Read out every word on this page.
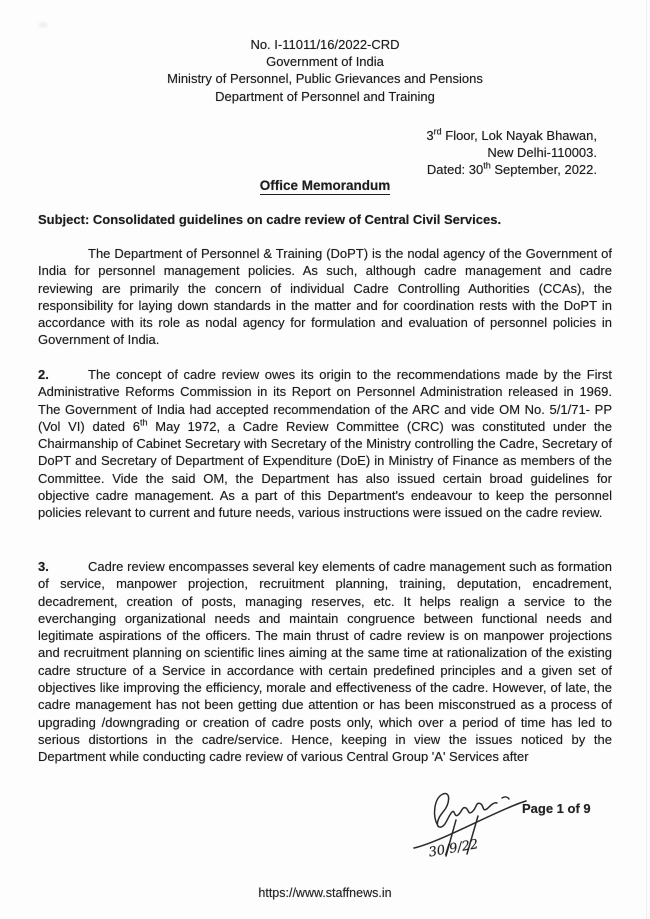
No. I-11011/16/2022-CRD
Government of India
Ministry of Personnel, Public Grievances and Pensions
Department of Personnel and Training
3rd Floor, Lok Nayak Bhawan,
New Delhi-110003.
Dated: 30th September, 2022.
Office Memorandum
Subject: Consolidated guidelines on cadre review of Central Civil Services.

The Department of Personnel & Training (DoPT) is the nodal agency of the Government of India for personnel management policies. As such, although cadre management and cadre reviewing are primarily the concern of individual Cadre Controlling Authorities (CCAs), the responsibility for laying down standards in the matter and for coordination rests with the DoPT in accordance with its role as nodal agency for formulation and evaluation of personnel policies in Government of India.

2.	The concept of cadre review owes its origin to the recommendations made by the First Administrative Reforms Commission in its Report on Personnel Administration released in 1969. The Government of India had accepted recommendation of the ARC and vide OM No. 5/1/71- PP (Vol VI) dated 6th May 1972, a Cadre Review Committee (CRC) was constituted under the Chairmanship of Cabinet Secretary with Secretary of the Ministry controlling the Cadre, Secretary of DoPT and Secretary of Department of Expenditure (DoE) in Ministry of Finance as members of the Committee. Vide the said OM, the Department has also issued certain broad guidelines for objective cadre management. As a part of this Department's endeavour to keep the personnel policies relevant to current and future needs, various instructions were issued on the cadre review.

3.	Cadre review encompasses several key elements of cadre management such as formation of service, manpower projection, recruitment planning, training, deputation, encadrement, decadrement, creation of posts, managing reserves, etc. It helps realign a service to the everchanging organizational needs and maintain congruence between functional needs and legitimate aspirations of the officers. The main thrust of cadre review is on manpower projections and recruitment planning on scientific lines aiming at the same time at rationalization of the existing cadre structure of a Service in accordance with certain predefined principles and a given set of objectives like improving the efficiency, morale and effectiveness of the cadre. However, of late, the cadre management has not been getting due attention or has been misconstrued as a process of upgrading /downgrading or creation of cadre posts only, which over a period of time has led to serious distortions in the cadre/service. Hence, keeping in view the issues noticed by the Department while conducting cadre review of various Central Group 'A' Services after

30/9/22
Page 1 of 9
https://www.staffnews.in
